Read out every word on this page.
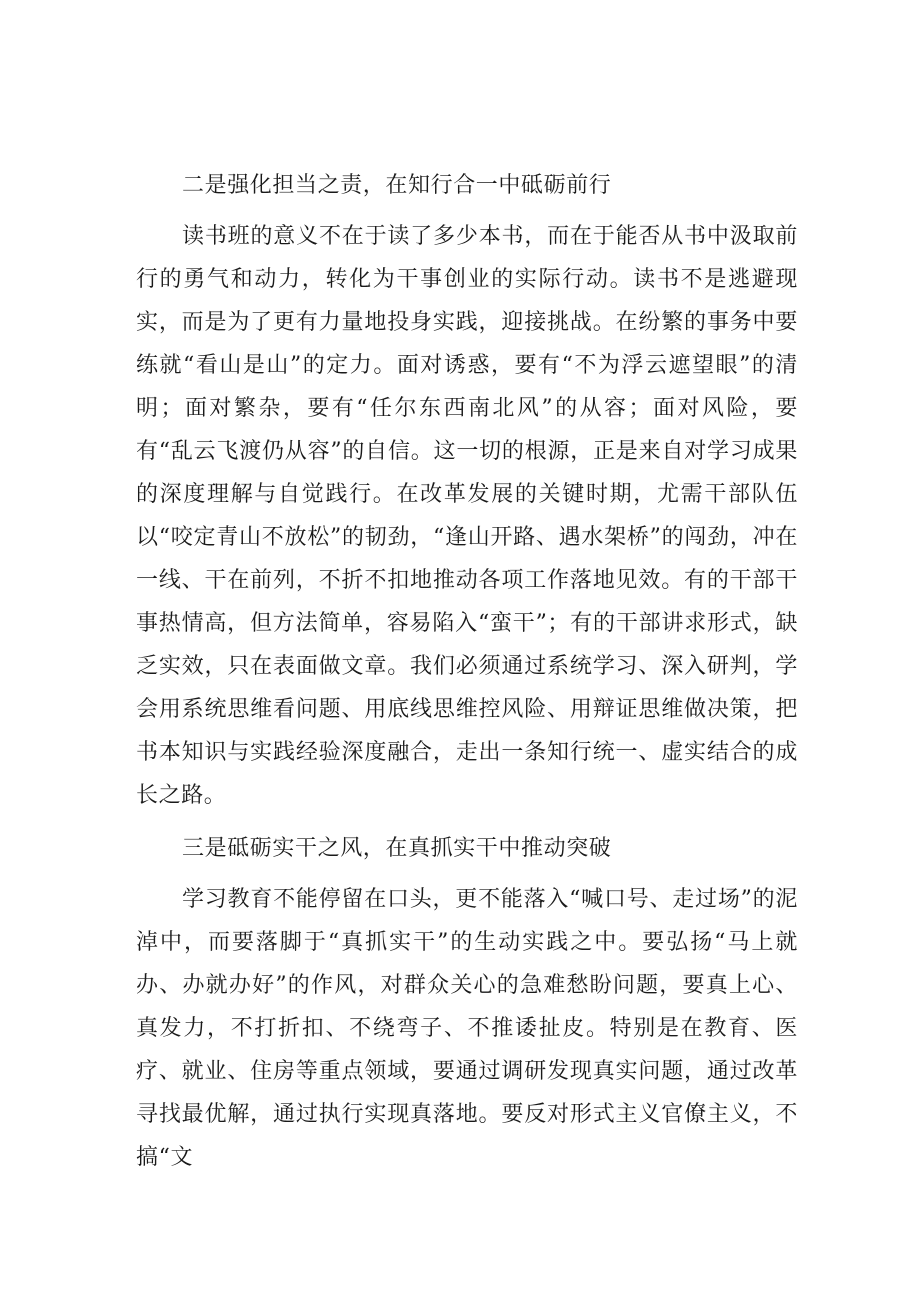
二是强化担当之责，在知行合一中砥砺前行

读书班的意义不在于读了多少本书，而在于能否从书中汲取前行的勇气和动力，转化为干事创业的实际行动。读书不是逃避现实，而是为了更有力量地投身实践，迎接挑战。在纷繁的事务中要练就“看山是山”的定力。面对诱惑，要有“不为浮云遮望眼”的清明；面对繁杂，要有“任尔东西南北风”的从容；面对风险，要有“乱云飞渡仍从容”的自信。这一切的根源，正是来自对学习成果的深度理解与自觉践行。在改革发展的关键时期，尤需干部队伍以“咬定青山不放松”的韧劲，“逢山开路、遇水架桥”的闯劲，冲在一线、干在前列，不折不扣地推动各项工作落地见效。有的干部干事热情高，但方法简单，容易陷入“蛮干”；有的干部讲求形式，缺乏实效，只在表面做文章。我们必须通过系统学习、深入研判，学会用系统思维看问题、用底线思维控风险、用辩证思维做决策，把书本知识与实践经验深度融合，走出一条知行统一、虚实结合的成长之路。

三是砥砺实干之风，在真抓实干中推动突破

学习教育不能停留在口头，更不能落入“喊口号、走过场”的泥淖中，而要落脚于“真抓实干”的生动实践之中。要弘扬“马上就办、办就办好”的作风，对群众关心的急难愁盼问题，要真上心、真发力，不打折扣、不绕弯子、不推诿扯皮。特别是在教育、医疗、就业、住房等重点领域，要通过调研发现真实问题，通过改革寻找最优解，通过执行实现真落地。要反对形式主义官僚主义，不搞“文
